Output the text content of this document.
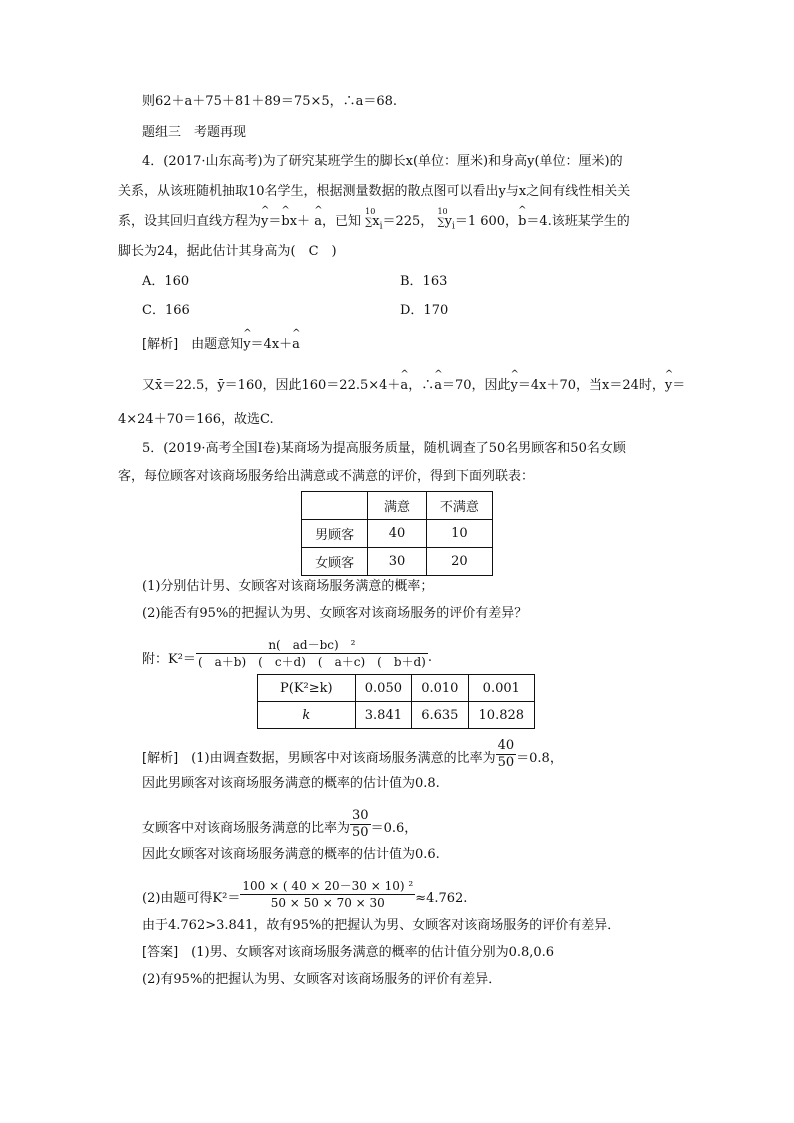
则62＋a＋75＋81＋89＝75×5，∴a＝68.
题组三　考题再现
4．(2017·山东高考)为了研究某班学生的脚长x(单位：厘米)和身高y(单位：厘米)的
关系，从该班随机抽取10名学生，根据测量数据的散点图可以看出y与x之间有线性相关关
系，设其回归直线方程为^ y＝^ bx＋ ^ a，已知
10
$\sum x_i=225$，
10
$\sum y_i=1$ 600，^ b＝4.该班某学生的
脚长为24，据此估计其身高为(　C　)
A．160	B．163
C．166	D．170
[解析]　 由题意知^ y＝4x＋^ a
又x̄＝22.5，ȳ＝160，因此160＝22.5×4＋^ a，∴^ a＝70，因此^ y＝4x＋70，当x＝24时，^ y＝
4×24＋70＝166，故选C.
5．(2019·高考全国Ⅰ卷)某商场为提高服务质量，随机调查了50名男顾客和50名女顾
客，每位顾客对该商场服务给出满意或不满意的评价，得到下面列联表：
	满意	不满意
男顾客	40	10
女顾客	30	20
(1)分别估计男、女顾客对该商场服务满意的概率；
(2)能否有95%的把握认为男、女顾客对该商场服务的评价有差异？
附：$K^2= \frac{\text{n(　ad－bc)　²}}{( a+b) ( c+d) ( a+c) ( b+d)}$ .
P(K²≥k)	0.050	0.010	0.001
k	3.841	6.635	10.828
[解析]　 (1)由调查数据，男顾客中对该商场服务满意的比率为 $\frac{40}{50} =0.8$，
因此男顾客对该商场服务满意的概率的估计值为0.8.
女顾客中对该商场服务满意的比率为 $\frac{30}{50} =0.6$，
因此女顾客对该商场服务满意的概率的估计值为0.6.
(2)由题可得$K^2= \frac{\text{100 × ( 40 × 20－30 × 10) ²}}{50 \times 50 \times 70 \times 30} \approx 4.762$.
由于4.762>3.841，故有95%的把握认为男、女顾客对该商场服务的评价有差异．
[答案]　 (1)男、女顾客对该商场服务满意的概率的估计值分别为0.8,0.6
(2)有95%的把握认为男、女顾客对该商场服务的评价有差异．
